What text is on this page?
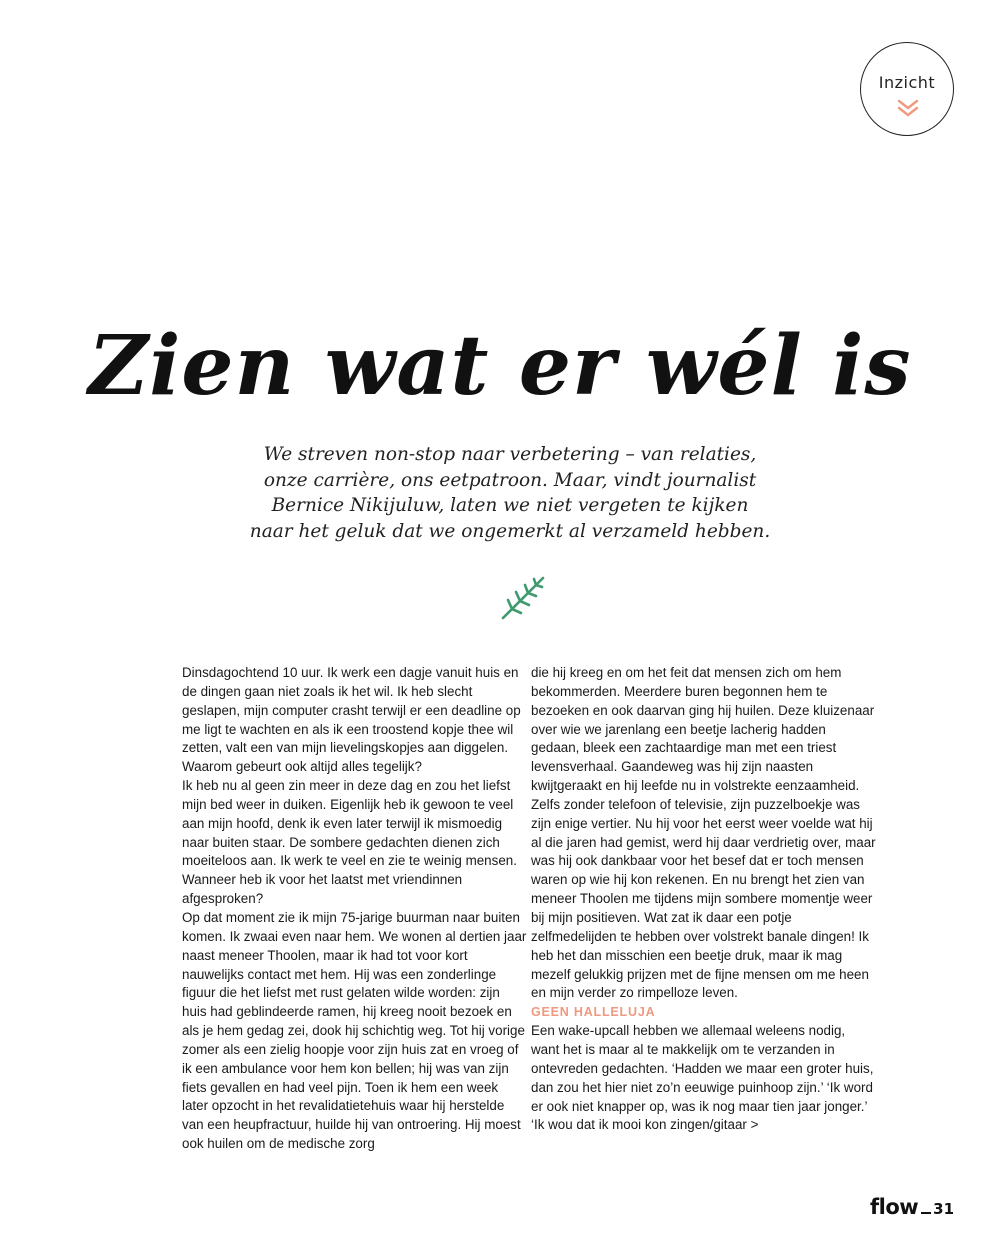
Inzicht
Zien wat er wél is

We streven non-stop naar verbetering – van relaties,
onze carrière, ons eetpatroon. Maar, vindt journalist
Bernice Nikijuluw, laten we niet vergeten te kijken
naar het geluk dat we ongemerkt al verzameld hebben.

Dinsdagochtend 10 uur. Ik werk een dagje vanuit huis en de dingen gaan niet zoals ik het wil. Ik heb slecht geslapen, mijn computer crasht terwijl er een deadline op me ligt te wachten en als ik een troostend kopje thee wil zetten, valt een van mijn lievelingskopjes aan diggelen. Waarom gebeurt ook altijd alles tegelijk?

Ik heb nu al geen zin meer in deze dag en zou het liefst mijn bed weer in duiken. Eigenlijk heb ik gewoon te veel aan mijn hoofd, denk ik even later terwijl ik mismoedig naar buiten staar. De sombere gedachten dienen zich moeiteloos aan. Ik werk te veel en zie te weinig mensen. Wanneer heb ik voor het laatst met vriendinnen afgesproken?

Op dat moment zie ik mijn 75-jarige buurman naar buiten komen. Ik zwaai even naar hem. We wonen al dertien jaar naast meneer Thoolen, maar ik had tot voor kort nauwelijks contact met hem. Hij was een zonderlinge figuur die het liefst met rust gelaten wilde worden: zijn huis had geblindeerde ramen, hij kreeg nooit bezoek en als je hem gedag zei, dook hij schichtig weg. Tot hij vorige zomer als een zielig hoopje voor zijn huis zat en vroeg of ik een ambulance voor hem kon bellen; hij was van zijn fiets gevallen en had veel pijn. Toen ik hem een week later opzocht in het revalidatietehuis waar hij herstelde van een heupfractuur, huilde hij van ontroering. Hij moest ook huilen om de medische zorg

die hij kreeg en om het feit dat mensen zich om hem bekommerden. Meerdere buren begonnen hem te bezoeken en ook daarvan ging hij huilen. Deze kluizenaar over wie we jarenlang een beetje lacherig hadden gedaan, bleek een zachtaardige man met een triest levensverhaal. Gaandeweg was hij zijn naasten kwijtgeraakt en hij leefde nu in volstrekte eenzaamheid. Zelfs zonder telefoon of televisie, zijn puzzelboekje was zijn enige vertier. Nu hij voor het eerst weer voelde wat hij al die jaren had gemist, werd hij daar verdrietig over, maar was hij ook dankbaar voor het besef dat er toch mensen waren op wie hij kon rekenen. En nu brengt het zien van meneer Thoolen me tijdens mijn sombere momentje weer bij mijn positieven. Wat zat ik daar een potje zelfmedelijden te hebben over volstrekt banale dingen! Ik heb het dan misschien een beetje druk, maar ik mag mezelf gelukkig prijzen met de fijne mensen om me heen en mijn verder zo rimpelloze leven.

GEEN HALLELUJA

Een wake-upcall hebben we allemaal weleens nodig, want het is maar al te makkelijk om te verzanden in ontevreden gedachten. ‘Hadden we maar een groter huis, dan zou het hier niet zo’n eeuwige puinhoop zijn.’ ‘Ik word er ook niet knapper op, was ik nog maar tien jaar jonger.’ ‘Ik wou dat ik mooi kon zingen/gitaar >

flow 31
